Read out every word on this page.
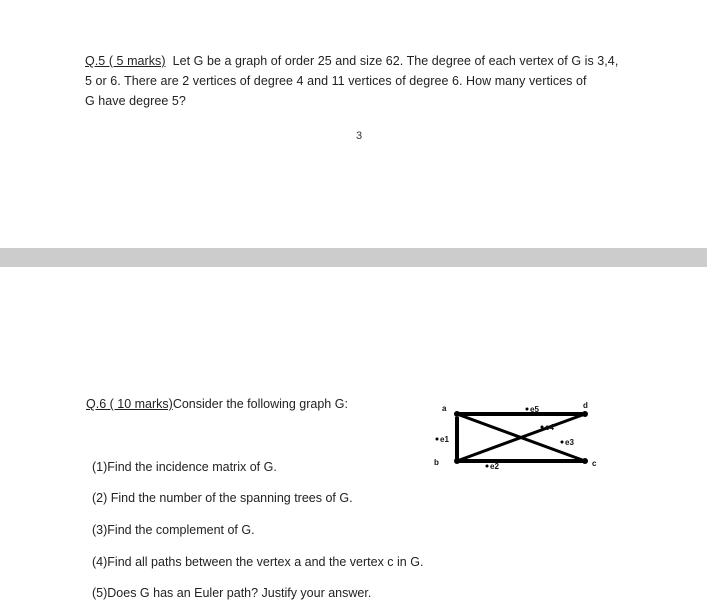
Q.5 ( 5 marks) Let G be a graph of order 25 and size 62. The degree of each vertex of G is 3,4,
5 or 6. There are 2 vertices of degree 4 and 11 vertices of degree 6. How many vertices of
G have degree 5?
3
Q.6 ( 10 marks)Consider the following graph G:	a
b	c
d
e1
e2
e3
e4
e5
(1)Find the incidence matrix of G.
(2) Find the number of the spanning trees of G.
(3)Find the complement of G.
(4)Find all paths between the vertex a and the vertex c in G.
(5)Does G has an Euler path? Justify your answer.
